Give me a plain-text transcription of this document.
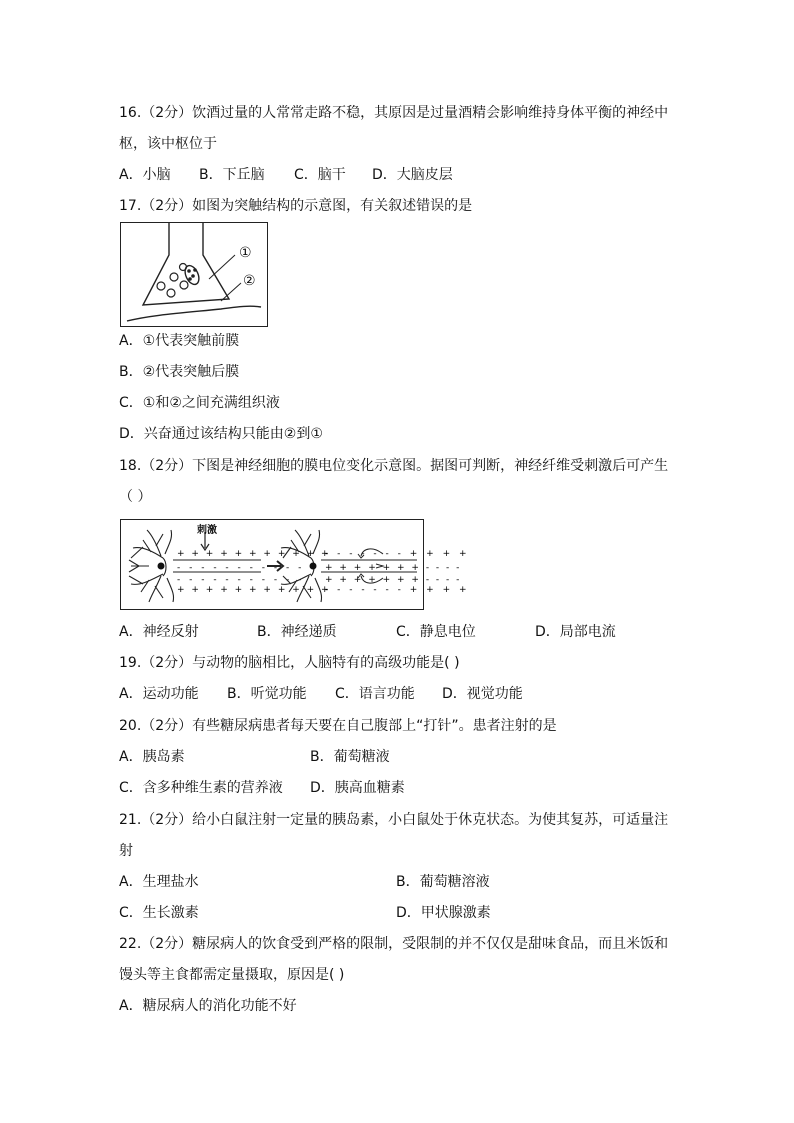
16.（2分）饮酒过量的人常常走路不稳，其原因是过量酒精会影响维持身体平衡的神经中
枢，该中枢位于
A．小脑 B．下丘脑 C．脑干 D．大脑皮层
17.（2分）如图为突触结构的示意图，有关叙述错误的是
①
②
A．①代表突触前膜
B．②代表突触后膜
C．①和②之间充满组织液
D．兴奋通过该结构只能由②到①
18.（2分）下图是神经细胞的膜电位变化示意图。据图可判断，神经纤维受刺激后可产生
（ ）
+ + + + + + + + + + +
- - - - - - - - - - -
- - - - - - - - - - -
+ + + + + + + + + + +
- - - - - - - + + + +
+ + + + + + + - - - -
+ + + + + + + - - - -
- - - - - - - + + + +
刺激
A．神经反射	B．神经递质	C．静息电位	D．局部电流
19.（2分）与动物的脑相比，人脑特有的高级功能是( )
A．运动功能 B．听觉功能 C．语言功能 D．视觉功能
20.（2分）有些糖尿病患者每天要在自己腹部上“打针”。患者注射的是
A．胰岛素	B．葡萄糖液
C．含多种维生素的营养液 D．胰高血糖素
21.（2分）给小白鼠注射一定量的胰岛素，小白鼠处于休克状态。为使其复苏，可适量注
射
A．生理盐水	B．葡萄糖溶液
C．生长激素	D．甲状腺激素
22.（2分）糖尿病人的饮食受到严格的限制，受限制的并不仅仅是甜味食品，而且米饭和
馒头等主食都需定量摄取，原因是( )
A．糖尿病人的消化功能不好
